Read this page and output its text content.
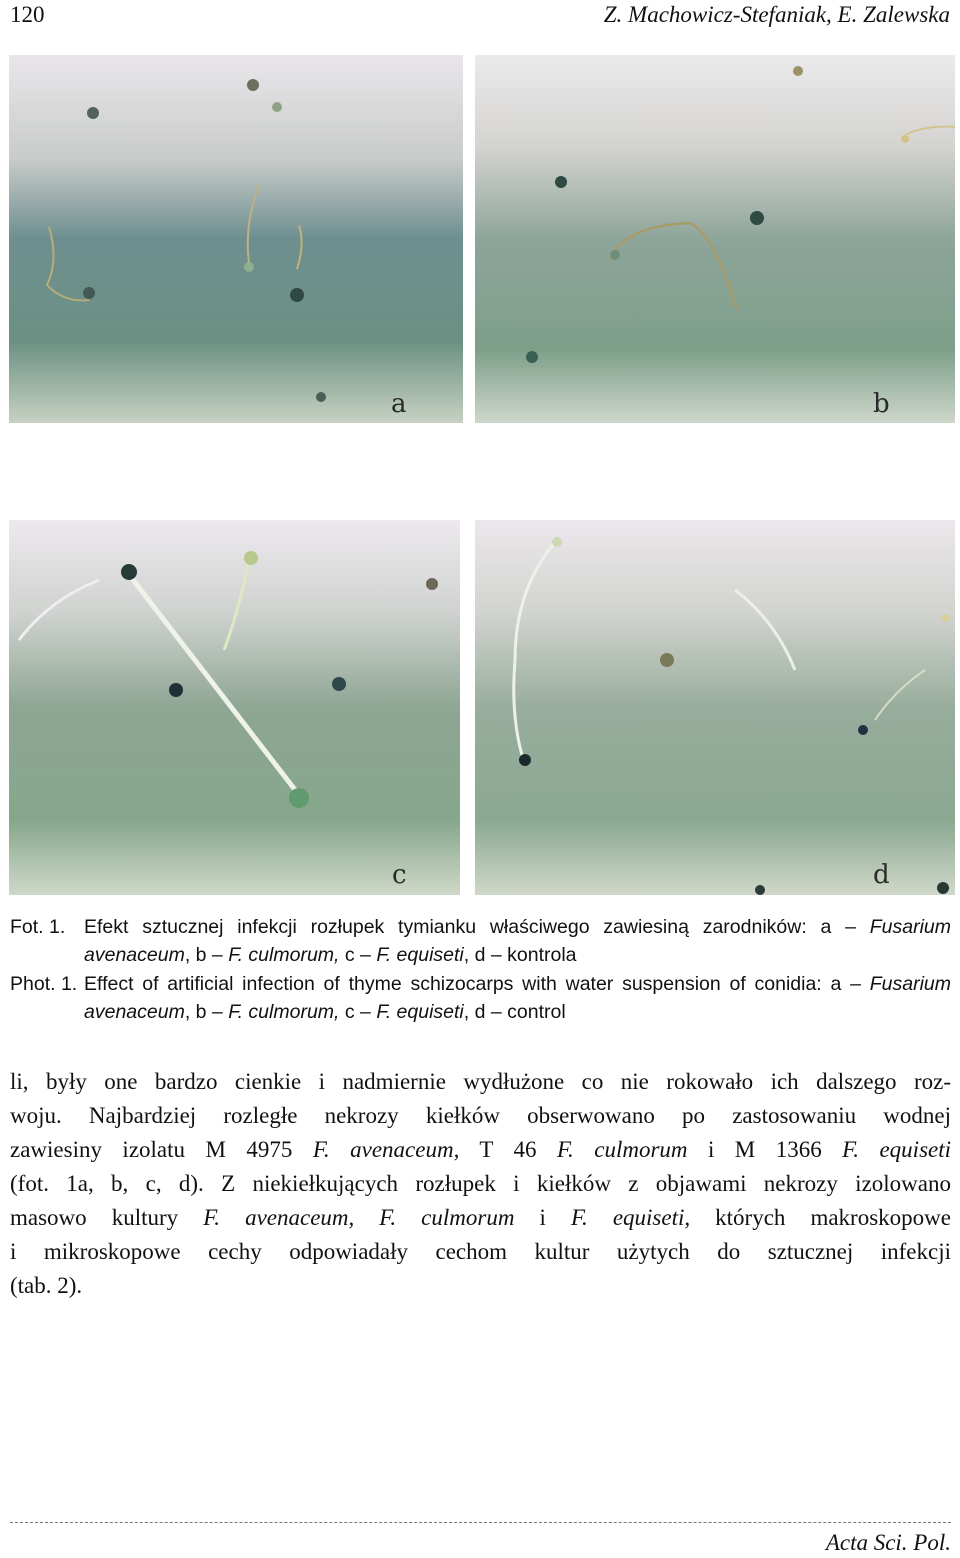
120	Z. Machowicz-Stefaniak, E. Zalewska
a	b
c	d
Fot. 1. Efekt sztucznej infekcji rozłupek tymianku właściwego zawiesiną zarodników: a – Fusarium avenaceum, b – F. culmorum, c – F. equiseti, d – kontrola
Phot. 1. Effect of artificial infection of thyme schizocarps with water suspension of conidia: a – Fusarium avenaceum, b – F. culmorum, c – F. equiseti, d – control
li, były one bardzo cienkie i nadmiernie wydłużone co nie rokowało ich dalszego roz-
woju. Najbardziej rozległe nekrozy kiełków obserwowano po zastosowaniu wodnej
zawiesiny izolatu M 4975 F. avenaceum, T 46 F. culmorum i M 1366 F. equiseti
(fot. 1a, b, c, d). Z niekiełkujących rozłupek i kiełków z objawami nekrozy izolowano
masowo kultury F. avenaceum, F. culmorum i F. equiseti, których makroskopowe
i mikroskopowe cechy odpowiadały cechom kultur użytych do sztucznej infekcji
(tab. 2).
Acta Sci. Pol.
